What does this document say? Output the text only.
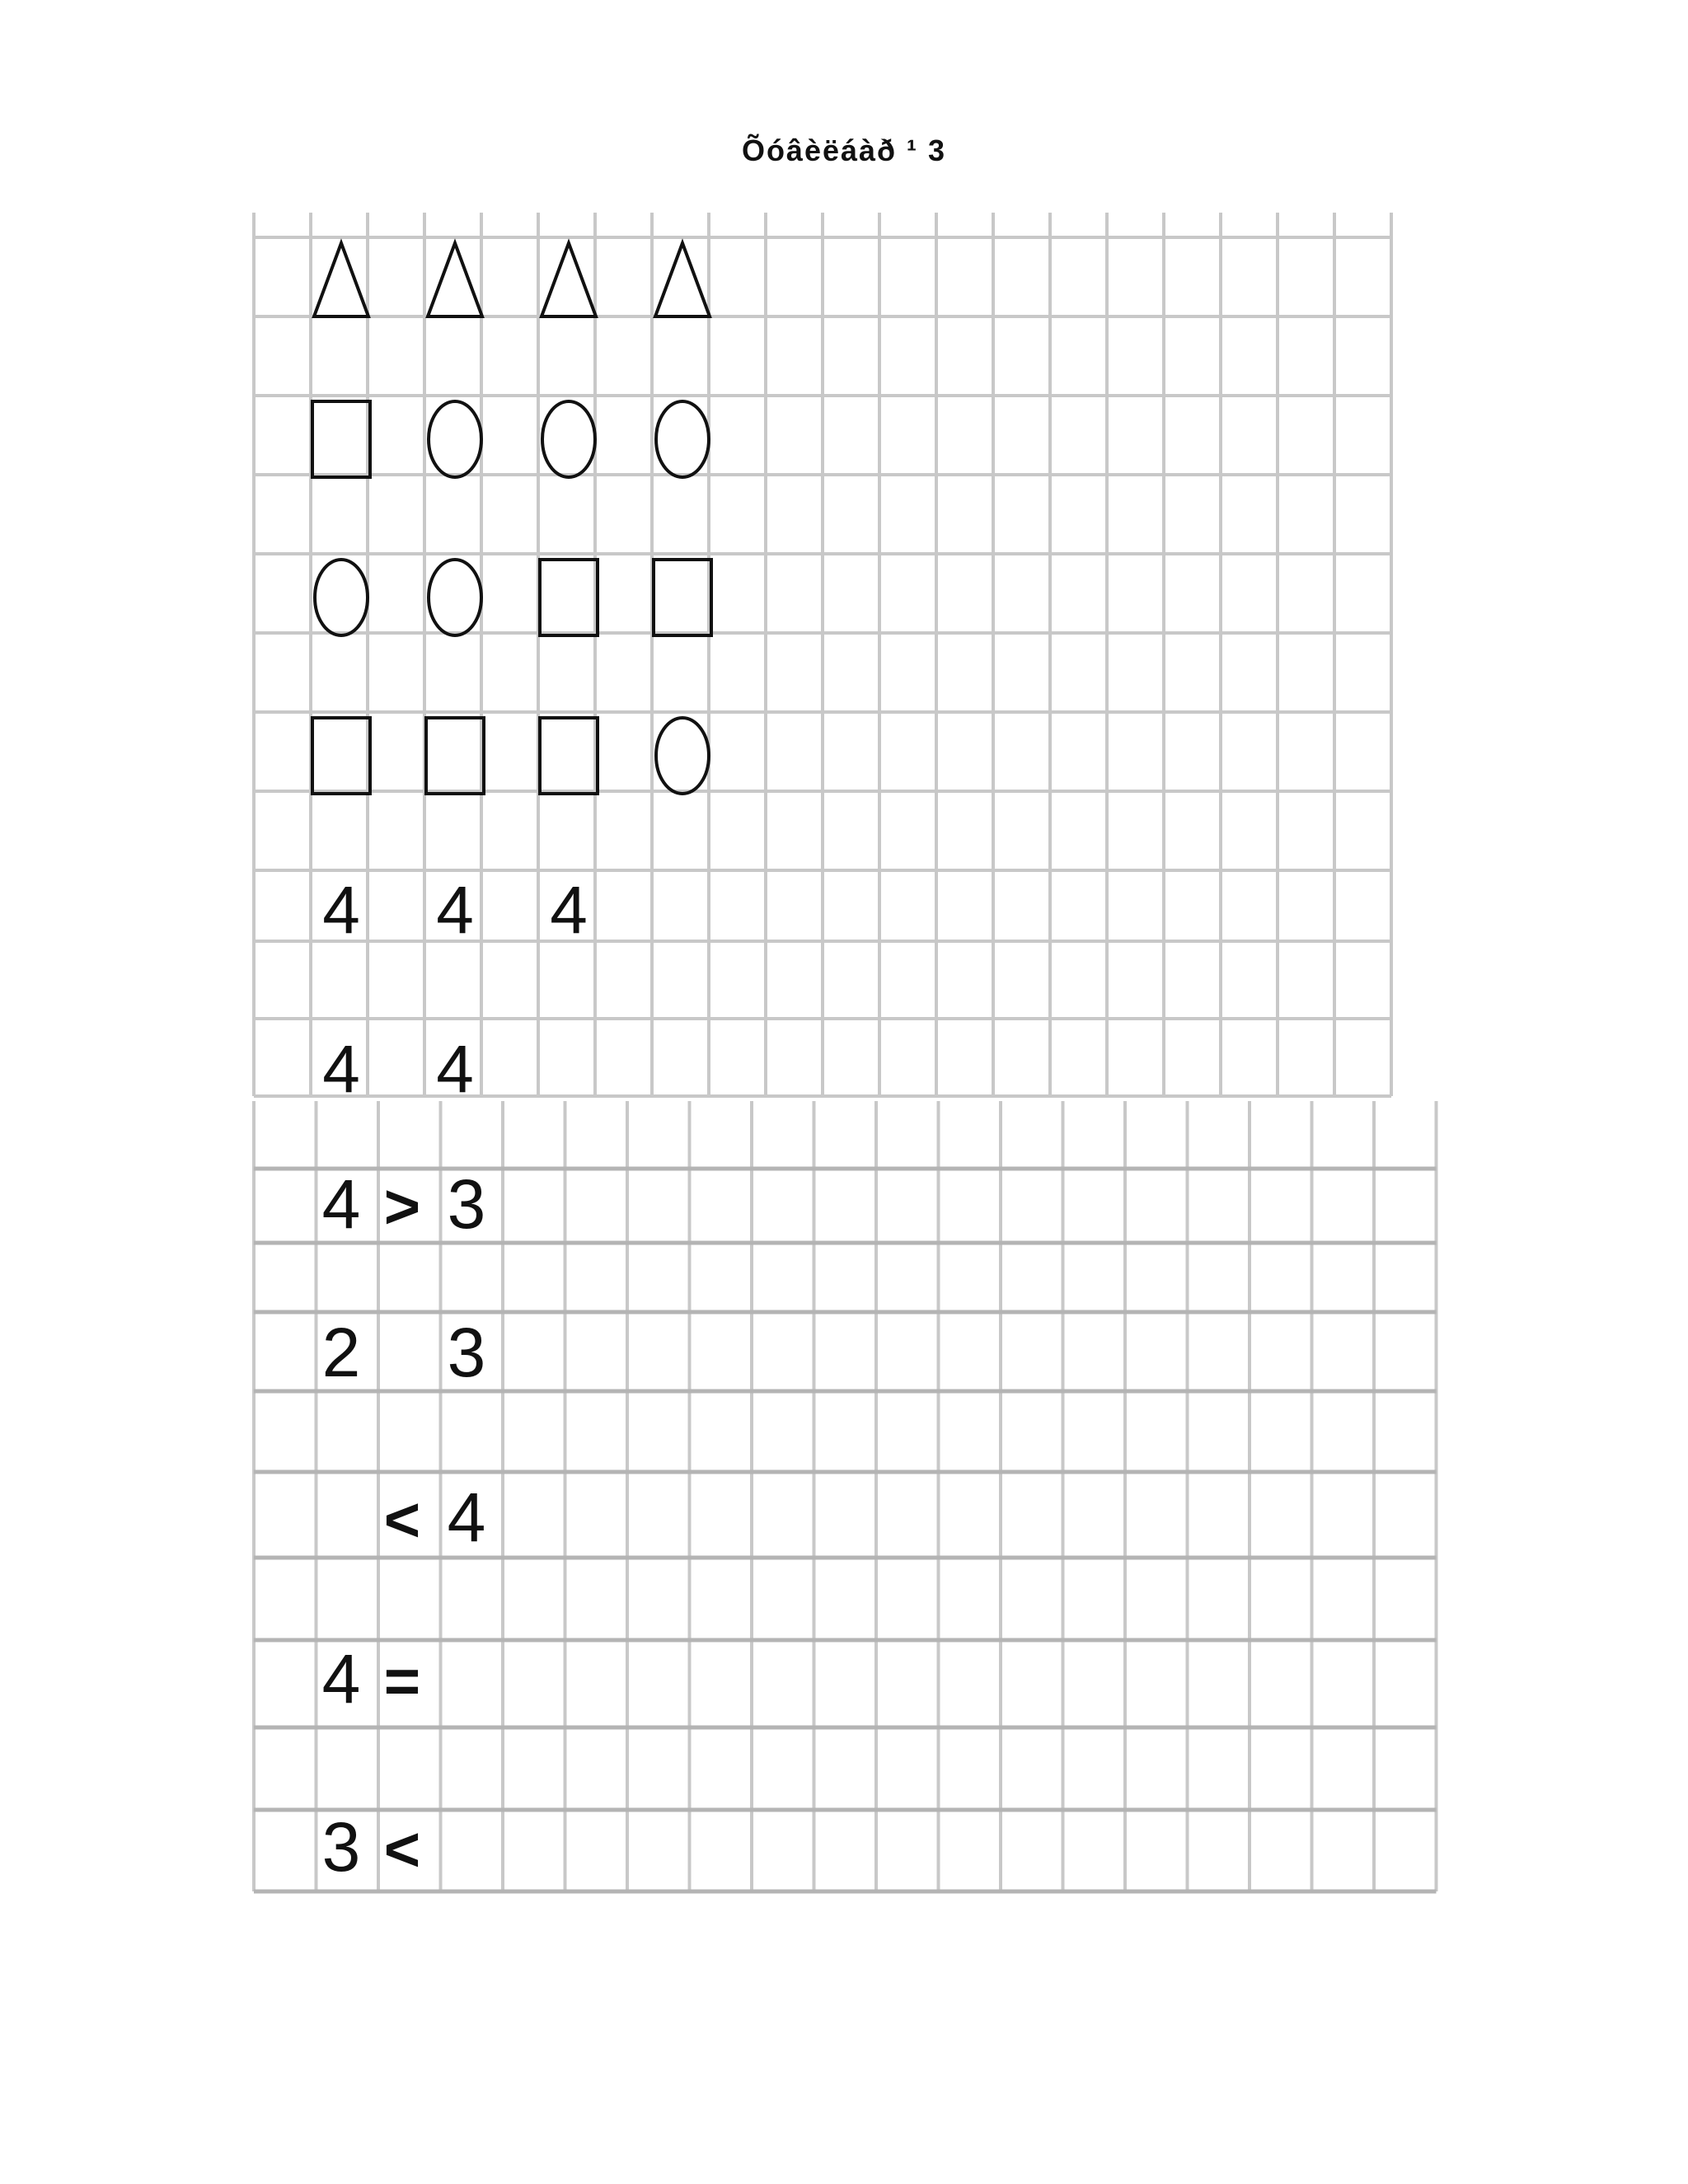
Õóâèëáàð ¹ 3
4 4 4
4 4
4 > 3
2 3
< 4
4 =
3 <
